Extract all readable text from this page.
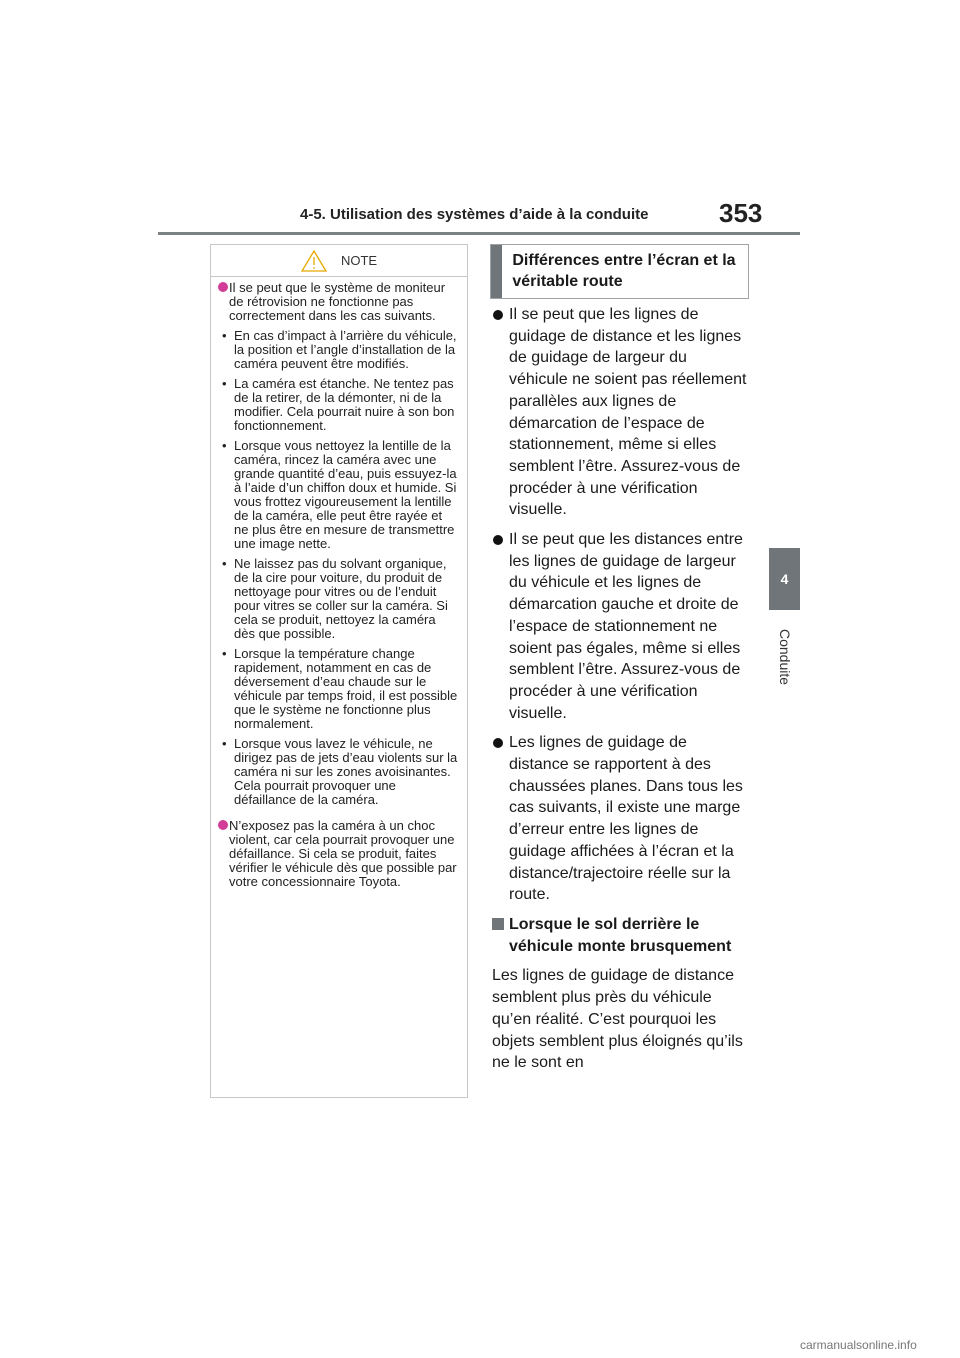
4-5. Utilisation des systèmes d’aide à la conduite	353
4
Conduite
NOTE
Il se peut que le système de moniteur de rétrovision ne fonctionne pas correctement dans les cas suivants.
• En cas d’impact à l’arrière du véhicule, la position et l’angle d’installation de la caméra peuvent être modifiés.
• La caméra est étanche. Ne tentez pas de la retirer, de la démonter, ni de la modifier. Cela pourrait nuire à son bon fonctionnement.
• Lorsque vous nettoyez la lentille de la caméra, rincez la caméra avec une grande quantité d’eau, puis essuyez-la à l’aide d’un chiffon doux et humide. Si vous frottez vigoureusement la lentille de la caméra, elle peut être rayée et ne plus être en mesure de transmettre une image nette.
• Ne laissez pas du solvant organique, de la cire pour voiture, du produit de nettoyage pour vitres ou de l’enduit pour vitres se coller sur la caméra. Si cela se produit, nettoyez la caméra dès que possible.
• Lorsque la température change rapidement, notamment en cas de déversement d’eau chaude sur le véhicule par temps froid, il est possible que le système ne fonctionne plus normalement.
• Lorsque vous lavez le véhicule, ne dirigez pas de jets d’eau violents sur la caméra ni sur les zones avoisinantes. Cela pourrait provoquer une défaillance de la caméra.
N’exposez pas la caméra à un choc violent, car cela pourrait provoquer une défaillance. Si cela se produit, faites vérifier le véhicule dès que possible par votre concessionnaire Toyota.
Différences entre l’écran et la véritable route
Il se peut que les lignes de guidage de distance et les lignes de guidage de largeur du véhicule ne soient pas réellement parallèles aux lignes de démarcation de l’espace de stationnement, même si elles semblent l’être. Assurez-vous de procéder à une vérification visuelle.
Il se peut que les distances entre les lignes de guidage de largeur du véhicule et les lignes de démarcation gauche et droite de l’espace de stationnement ne soient pas égales, même si elles semblent l’être. Assurez-vous de procéder à une vérification visuelle.
Les lignes de guidage de distance se rapportent à des chaussées planes. Dans tous les cas suivants, il existe une marge d’erreur entre les lignes de guidage affichées à l’écran et la distance/trajectoire réelle sur la route.
Lorsque le sol derrière le véhicule monte brusquement

Les lignes de guidage de distance semblent plus près du véhicule qu’en réalité. C’est pourquoi les objets semblent plus éloignés qu’ils ne le sont en

carmanualsonline.info
